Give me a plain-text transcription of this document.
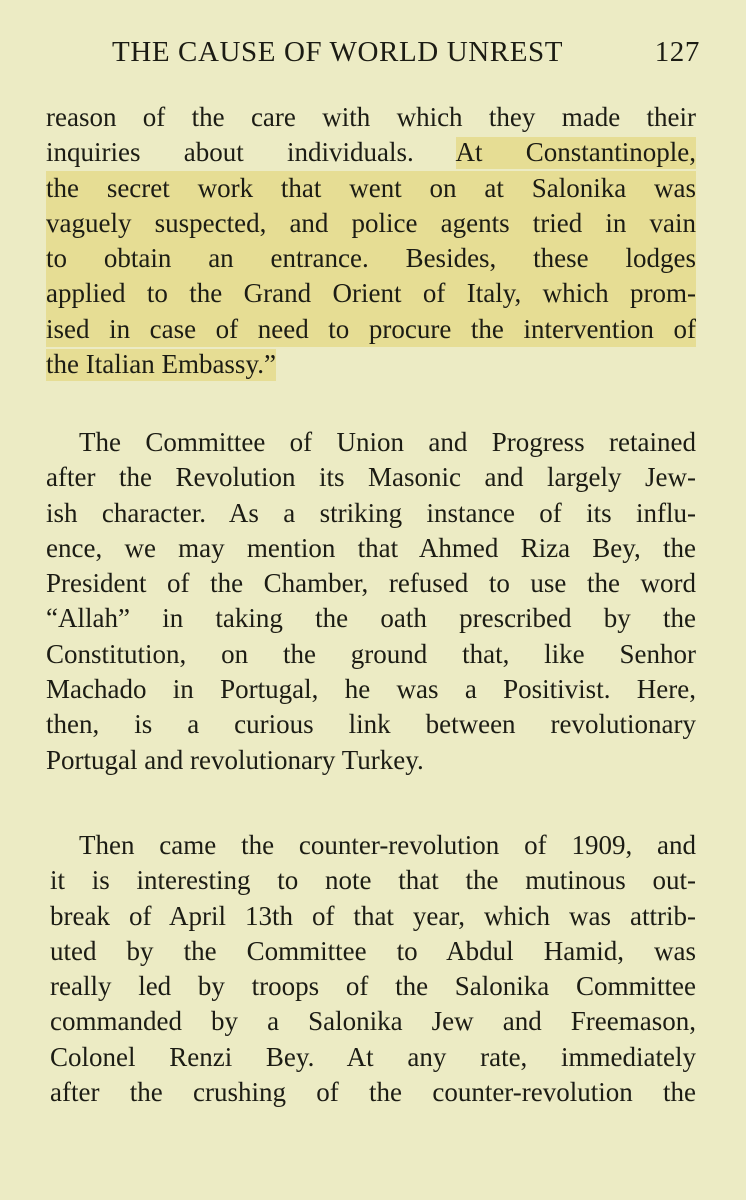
THE CAUSE OF WORLD UNREST	127
reason of the care with which they made their
inquiries about individuals. At Constantinople,
the secret work that went on at Salonika was
vaguely suspected, and police agents tried in vain
to obtain an entrance. Besides, these lodges
applied to the Grand Orient of Italy, which prom-
ised in case of need to procure the intervention of
the Italian Embassy.”
The Committee of Union and Progress retained
after the Revolution its Masonic and largely Jew-
ish character. As a striking instance of its influ-
ence, we may mention that Ahmed Riza Bey, the
President of the Chamber, refused to use the word
“Allah” in taking the oath prescribed by the
Constitution, on the ground that, like Senhor
Machado in Portugal, he was a Positivist. Here,
then, is a curious link between revolutionary
Portugal and revolutionary Turkey.
Then came the counter-revolution of 1909, and
it is interesting to note that the mutinous out-
break of April 13th of that year, which was attrib-
uted by the Committee to Abdul Hamid, was
really led by troops of the Salonika Committee
commanded by a Salonika Jew and Freemason,
Colonel Renzi Bey. At any rate, immediately
after the crushing of the counter-revolution the
